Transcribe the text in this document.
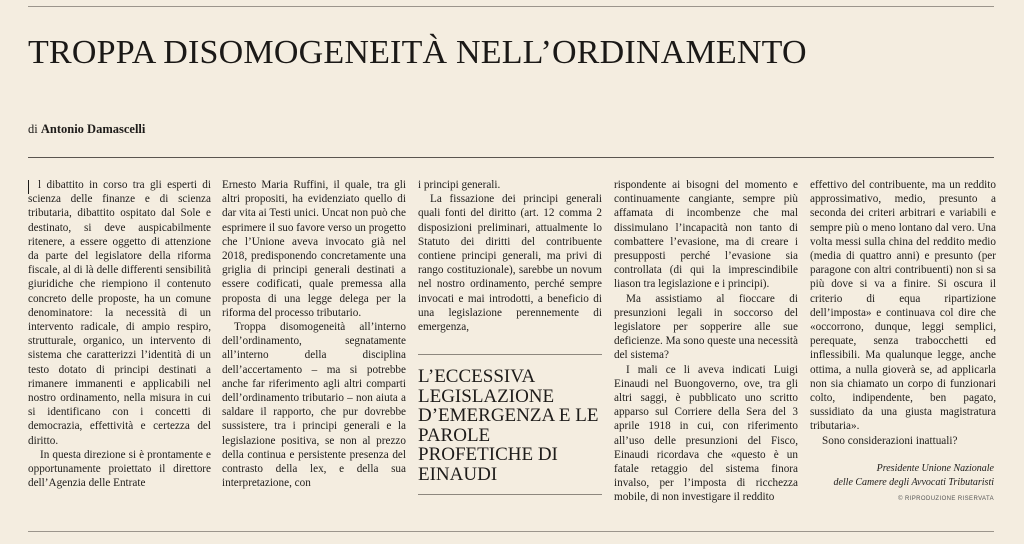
TROPPA DISOMOGENEITÀ NELL’ORDINAMENTO
di Antonio Damascelli

l dibattito in corso tra gli esperti di scienza delle finanze e di scienza tributaria, dibattito ospitato dal Sole e destinato, si deve auspicabilmente ritenere, a essere oggetto di attenzione da parte del legislatore della riforma fiscale, al di là delle differenti sensibilità giuridiche che riempiono il contenuto concreto delle proposte, ha un comune denominatore: la necessità di un intervento radicale, di ampio respiro, strutturale, organico, un intervento di sistema che caratterizzi l’identità di un testo dotato di principi destinati a rimanere immanenti e applicabili nel nostro ordinamento, nella misura in cui si identificano con i concetti di democrazia, effettività e certezza del diritto.

In questa direzione si è prontamente e opportunamente proiettato il direttore dell’Agenzia delle Entrate

Ernesto Maria Ruffini, il quale, tra gli altri propositi, ha evidenziato quello di dar vita ai Testi unici. Uncat non può che esprimere il suo favore verso un progetto che l’Unione aveva invocato già nel 2018, predisponendo concretamente una griglia di principi generali destinati a essere codificati, quale premessa alla proposta di una legge delega per la riforma del processo tributario.

Troppa disomogeneità all’interno dell’ordinamento, segnatamente all’interno della disciplina dell’accertamento – ma si potrebbe anche far riferimento agli altri comparti dell’ordinamento tributario – non aiuta a saldare il rapporto, che pur dovrebbe sussistere, tra i principi generali e la legislazione positiva, se non al prezzo della continua e persistente presenza del contrasto della lex, e della sua interpretazione, con

i principi generali.

La fissazione dei principi generali quali fonti del diritto (art. 12 comma 2 disposizioni preliminari, attualmente lo Statuto dei diritti del contribuente contiene principi generali, ma privi di rango costituzionale), sarebbe un novum nel nostro ordinamento, perché sempre invocati e mai introdotti, a beneficio di una legislazione perennemente di emergenza,

L’ECCESSIVA LEGISLAZIONE D’EMERGENZA E LE PAROLE PROFETICHE DI EINAUDI

rispondente ai bisogni del momento e continuamente cangiante, sempre più affamata di incombenze che mal dissimulano l’incapacità non tanto di combattere l’evasione, ma di creare i presupposti perché l’evasione sia controllata (di qui la imprescindibile liason tra legislazione e i principi).

Ma assistiamo al fioccare di presunzioni legali in soccorso del legislatore per sopperire alle sue deficienze. Ma sono queste una necessità del sistema?

I mali ce li aveva indicati Luigi Einaudi nel Buongoverno, ove, tra gli altri saggi, è pubblicato uno scritto apparso sul Corriere della Sera del 3 aprile 1918 in cui, con riferimento all’uso delle presunzioni del Fisco, Einaudi ricordava che «questo è un fatale retaggio del sistema finora invalso, per l’imposta di ricchezza mobile, di non investigare il reddito

effettivo del contribuente, ma un reddito approssimativo, medio, presunto a seconda dei criteri arbitrari e variabili e sempre più o meno lontano dal vero. Una volta messi sulla china del reddito medio (media di quattro anni) e presunto (per paragone con altri contribuenti) non si sa più dove si va a finire. Si oscura il criterio di equa ripartizione dell’imposta» e continuava col dire che «occorrono, dunque, leggi semplici, perequate, senza trabocchetti ed inflessibili. Ma qualunque legge, anche ottima, a nulla gioverà se, ad applicarla non sia chiamato un corpo di funzionari colto, indipendente, ben pagato, sussidiato da una giusta magistratura tributaria».

Sono considerazioni inattuali?

Presidente Unione Nazionale
delle Camere degli Avvocati Tributaristi
© RIPRODUZIONE RISERVATA
